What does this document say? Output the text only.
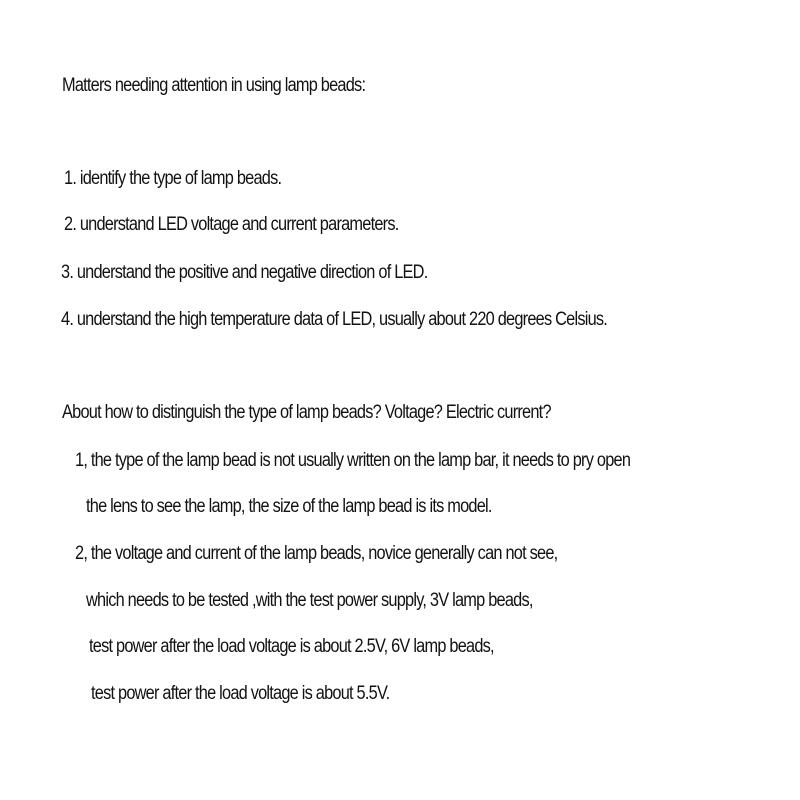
Matters needing attention in using lamp beads:
1. identify the type of lamp beads.
2. understand LED voltage and current parameters.
3. understand the positive and negative direction of LED.
4. understand the high temperature data of LED, usually about 220 degrees Celsius.
About how to distinguish the type of lamp beads? Voltage? Electric current?
1, the type of the lamp bead is not usually written on the lamp bar, it needs to pry open
the lens to see the lamp, the size of the lamp bead is its model.
2, the voltage and current of the lamp beads, novice generally can not see,
which needs to be tested ,with the test power supply, 3V lamp beads,
test power after the load voltage is about 2.5V, 6V lamp beads,
test power after the load voltage is about 5.5V.
